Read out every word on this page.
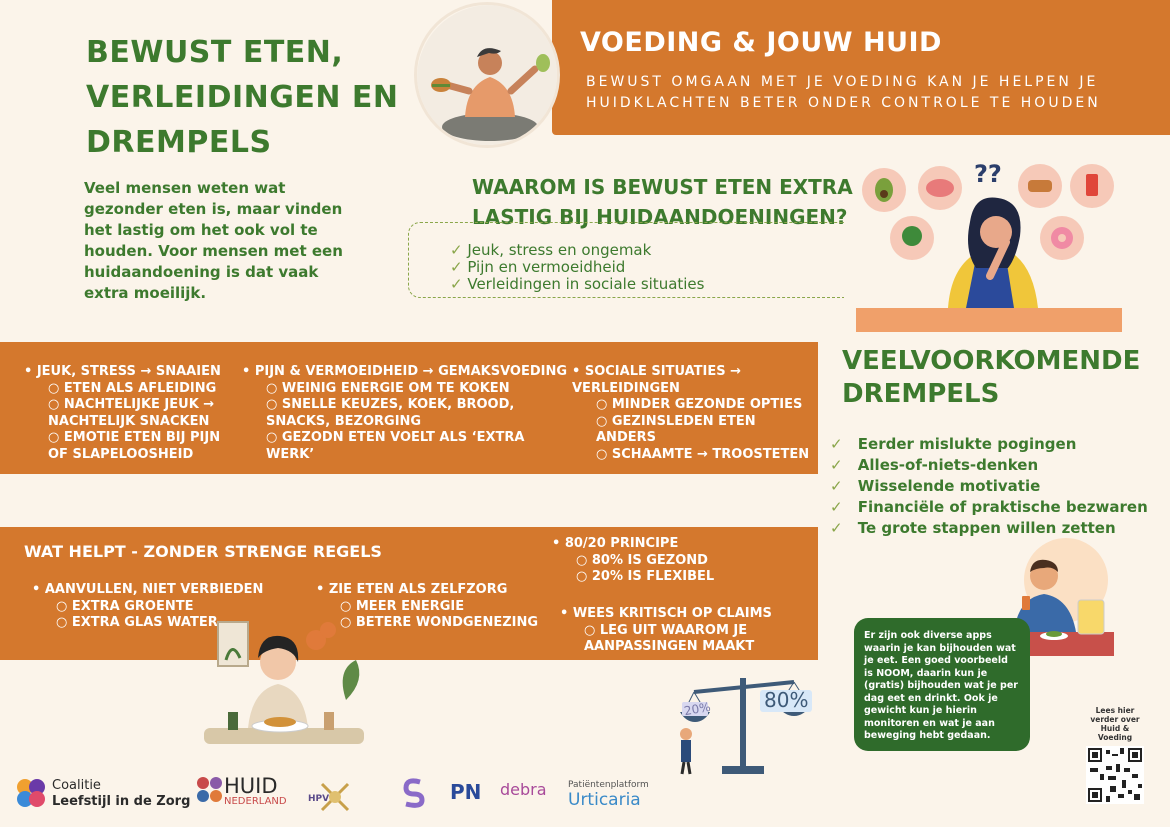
BEWUST ETEN,
VERLEIDINGEN EN
DREMPELS
Veel mensen weten wat gezonder eten is, maar vinden het lastig om het ook vol te houden. Voor mensen met een huidaandoening is dat vaak extra moeilijk.
VOEDING & JOUW HUID
BEWUST OMGAAN MET JE VOEDING KAN JE HELPEN JE HUIDKLACHTEN BETER ONDER CONTROLE TE HOUDEN
WAAROM IS BEWUST ETEN EXTRA LASTIG BIJ HUIDAANDOENINGEN?
✓ Jeuk, stress en ongemak
✓ Pijn en vermoeidheid
✓ Verleidingen in sociale situaties
??
• JEUK, STRESS → SNAAIEN
○ ETEN ALS AFLEIDING
○ NACHTELIJKE JEUK → NACHTELIJK SNACKEN
○ EMOTIE ETEN BIJ PIJN OF SLAPELOOSHEID
• PIJN & VERMOEIDHEID → GEMAKSVOEDING
○ WEINIG ENERGIE OM TE KOKEN
○ SNELLE KEUZES, KOEK, BROOD, SNACKS, BEZORGING
○ GEZODN ETEN VOELT ALS ‘EXTRA WERK’
• SOCIALE SITUATIES → VERLEIDINGEN
○ MINDER GEZONDE OPTIES
○ GEZINSLEDEN ETEN ANDERS
○ SCHAAMTE → TROOSTETEN
VEELVOORKOMENDE DREMPELS
✓ Eerder mislukte pogingen
✓ Alles-of-niets-denken
✓ Wisselende motivatie
✓ Financiële of praktische bezwaren
✓ Te grote stappen willen zetten
WAT HELPT - ZONDER STRENGE REGELS
• AANVULLEN, NIET VERBIEDEN
○ EXTRA GROENTE
○ EXTRA GLAS WATER
• ZIE ETEN ALS ZELFZORG
○ MEER ENERGIE
○ BETERE WONDGENEZING
• 80/20 PRINCIPE
○ 80% IS GEZOND
○ 20% IS FLEXIBEL
• WEES KRITISCH OP CLAIMS
○ LEG UIT WAAROM JE AANPASSINGEN MAAKT
20%	80%
Er zijn ook diverse apps waarin je kan bijhouden wat je eet. Een goed voorbeeld is NOOM, daarin kun je (gratis) bijhouden wat je per dag eet en drinkt. Ook je gewicht kun je hierin monitoren en wat je aan beweging hebt gedaan.
Lees hier verder over Huid & Voeding
Coalitie
Leefstijl in de Zorg
HUID
NEDERLAND HPV	PN debra	Patiëntenplatform
Urticaria
